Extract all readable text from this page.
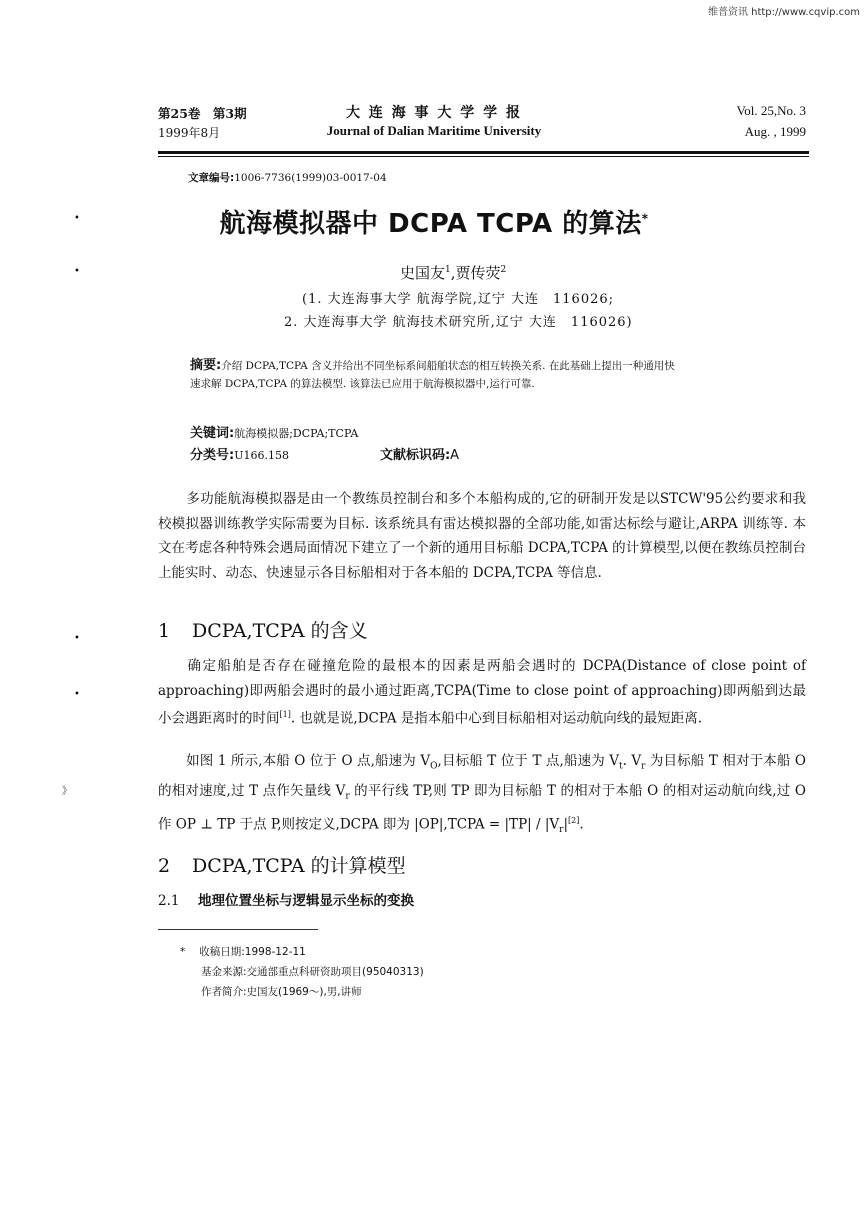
维普资讯 http://www.cqvip.com
第25卷　第3期
1999年8月
大 连 海 事 大 学 学 报
Journal of Dalian Maritime University
Vol. 25,No. 3
Aug. , 1999
文章编号:1006-7736(1999)03-0017-04
航海模拟器中 DCPA TCPA 的算法*
史国友$^1$,贾传荧$^2$
(1. 大连海事大学 航海学院,辽宁 大连　116026;
2. 大连海事大学 航海技术研究所,辽宁 大连　116026)
摘要:介绍 DCPA,TCPA 含义并给出不同坐标系间船舶状态的相互转换关系. 在此基础上提出一种通用快
速求解 DCPA,TCPA 的算法模型. 该算法已应用于航海模拟器中,运行可靠.
关键词:航海模拟器;DCPA;TCPA
分类号:U166.158	文献标识码:A
多功能航海模拟器是由一个教练员控制台和多个本船构成的,它的研制开发是以STCW'95公约要求和我校模拟器训练教学实际需要为目标. 该系统具有雷达模拟器的全部功能,如雷达标绘与避让,ARPA 训练等. 本文在考虑各种特殊会遇局面情况下建立了一个新的通用目标船 DCPA,TCPA 的计算模型,以便在教练员控制台上能实时、动态、快速显示各目标船相对于各本船的 DCPA,TCPA 等信息.
1 DCPA,TCPA 的含义
确定船舶是否存在碰撞危险的最根本的因素是两船会遇时的 DCPA(Distance of close point of approaching)即两船会遇时的最小通过距离,TCPA(Time to close point of approaching)即两船到达最小会遇距离时的时间[1]. 也就是说,DCPA 是指本船中心到目标船相对运动航向线的最短距离.
如图 1 所示,本船 O 位于 O 点,船速为 $V_O$,目标船 T 位于 T 点,船速为 $V_t$. $V_r$ 为目标船 T 相对于本船 O 的相对速度,过 T 点作矢量线 $V_r$ 的平行线 TP,则 TP 即为目标船 T 的相对于本船 O 的相对运动航向线,过 O 作 OP ⊥ TP 于点 P,则按定义,DCPA 即为 |OP|,TCPA = $|TP| / |V_r|[2]$.
2 DCPA,TCPA 的计算模型
2.1 地理位置坐标与逻辑显示坐标的变换
* 收稿日期:1998-12-11
基金来源:交通部重点科研资助项目(95040313)
作者简介:史国友(1969～),男,讲师
•
•
•
•
》
